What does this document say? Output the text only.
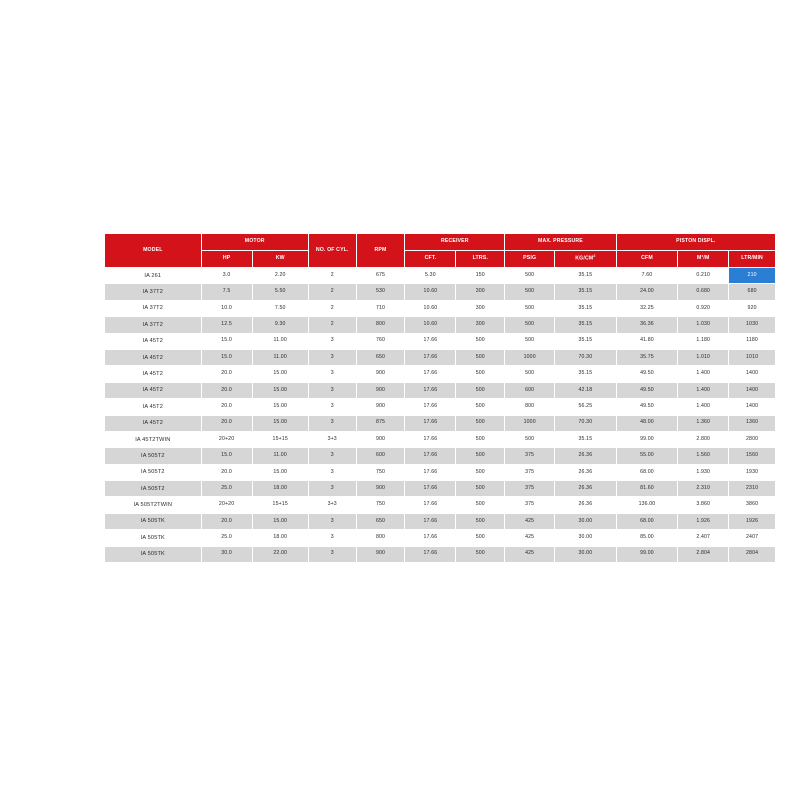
MODEL	MOTOR		NO. OF CYL.	RPM	RECEIVER		MAX. PRESSURE		PISTON DISPL.		
	HP	KW			CFT.	LTRS.	PSIG	$KG/CM^2$	CFM	M³/M	LTR/MIN
IA 261	3.0	2.20	2	675	5.30	150	500	35.15	7.60	0.210	210
IA 37T2	7.5	5.50	2	530	10.60	300	500	35.15	24.00	0.680	680
IA 37T2	10.0	7.50	2	710	10.60	300	500	35.15	32.25	0.920	920
IA 37T2	12.5	9.30	2	800	10.60	300	500	35.15	36.36	1.030	1030
IA 45T2	15.0	11.00	3	760	17.66	500	500	35.15	41.80	1.180	1180
IA 45T2	15.0	11.00	3	650	17.66	500	1000	70.30	35.75	1.010	1010
IA 45T2	20.0	15.00	3	900	17.66	500	500	35.15	49.50	1.400	1400
IA 45T2	20.0	15.00	3	900	17.66	500	600	42.18	49.50	1.400	1400
IA 45T2	20.0	15.00	3	900	17.66	500	800	56.25	49.50	1.400	1400
IA 45T2	20.0	15.00	3	875	17.66	500	1000	70.30	48.00	1.360	1360
IA 45T2TWIN	20+20	15+15	3+3	900	17.66	500	500	35.15	99.00	2.800	2800
IA 505T2	15.0	11.00	3	600	17.66	500	375	26.36	55.00	1.560	1560
IA 505T2	20.0	15.00	3	750	17.66	500	375	26.36	68.00	1.930	1930
IA 505T2	25.0	18.00	3	900	17.66	500	375	26.36	81.60	2.310	2310
IA 505T2TWIN	20+20	15+15	3+3	750	17.66	500	375	26.36	136.00	3.860	3860
IA 505TK	20.0	15.00	3	650	17.66	500	425	30.00	68.00	1.926	1926
IA 505TK	25.0	18.00	3	800	17.66	500	425	30.00	85.00	2.407	2407
IA 505TK	30.0	22.00	3	900	17.66	500	425	30.00	99.00	2.804	2804
